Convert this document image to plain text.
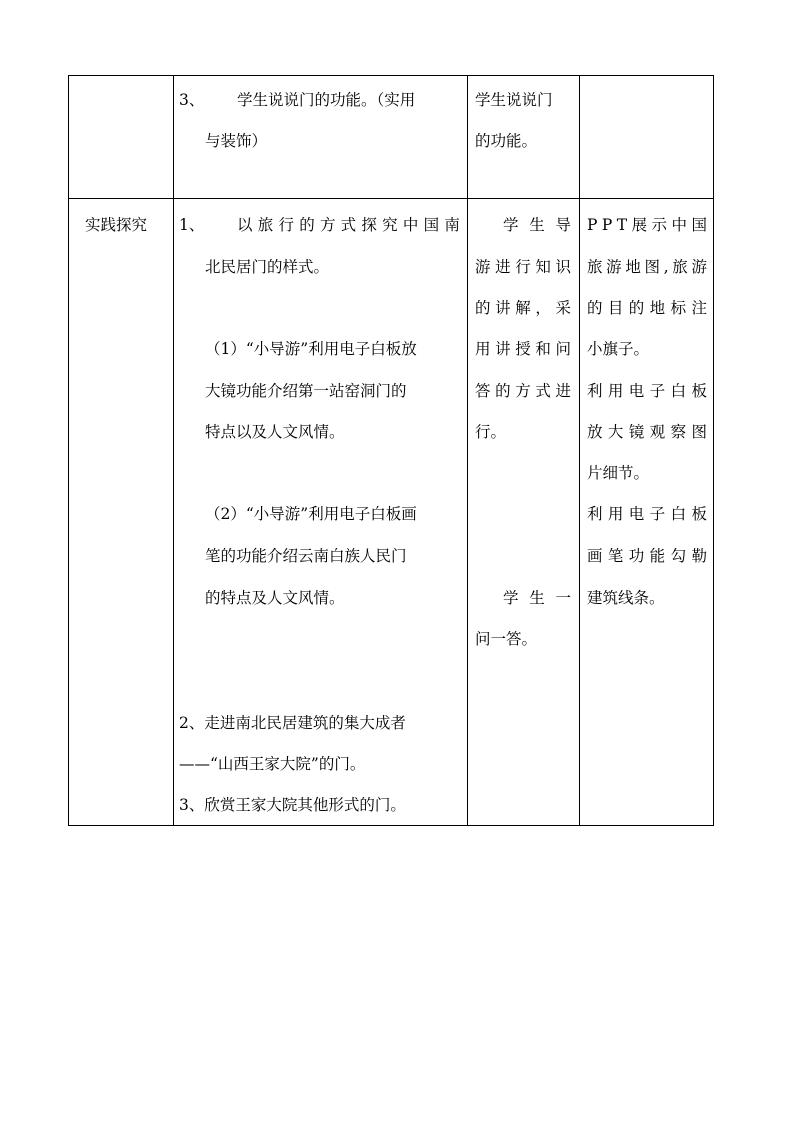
3、 学生说说门的功能。（实用
与装饰）
学生说说门
的功能。
实践探究 1、 以 旅 行 的 方 式 探 究 中 国 南
北民居门的样式。
（1）“小导游”利用电子白板放
大镜功能介绍第一站窑洞门的
特点以及人文风情。
（2）“小导游”利用电子白板画
笔的功能介绍云南白族人民门
的特点及人文风情。
2、走进南北民居建筑的集大成者
——“山西王家大院”的门。
3、欣赏王家大院其他形式的门。
学 生 导
游 进 行 知 识
的 讲 解 ， 采
用 讲 授 和 问
答 的 方 式 进
行。
学 生 一
问一答。
P P T 展 示 中 国
旅 游 地 图 , 旅 游
的 目 的 地 标 注
小旗子。
利 用 电 子 白 板
放 大 镜 观 察 图
片细节。
利 用 电 子 白 板
画 笔 功 能 勾 勒
建筑线条。
